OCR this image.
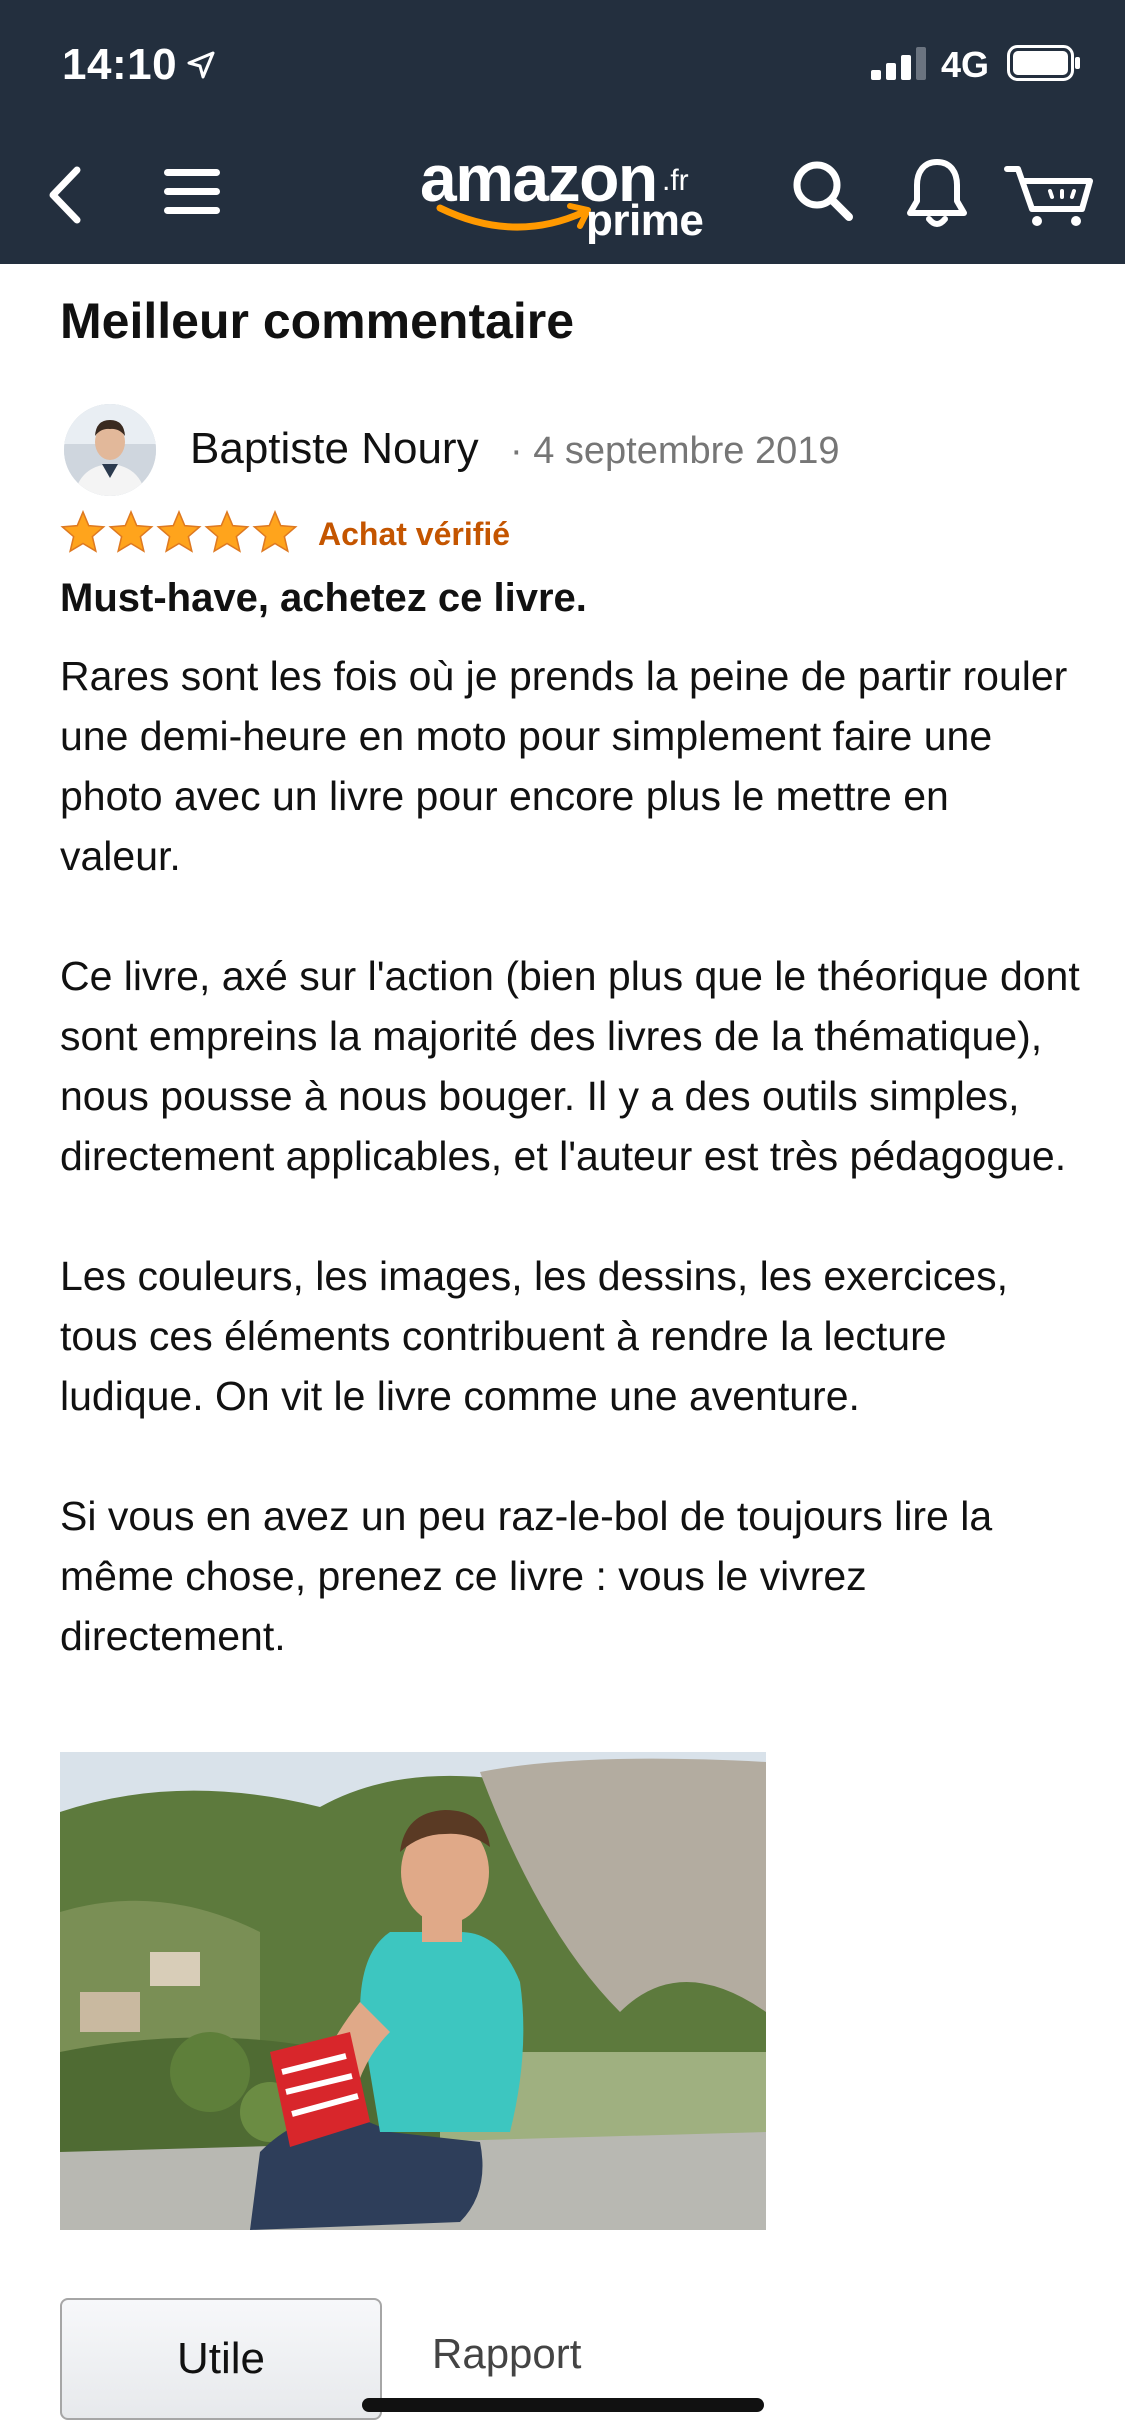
14:10	4G
amazon .fr
prime
Meilleur commentaire
Baptiste Noury · 4 septembre 2019
Achat vérifié
Must-have, achetez ce livre.

Rares sont les fois où je prends la peine de partir rouler une demi-heure en moto pour simplement faire une photo avec un livre pour encore plus le mettre en valeur.

Ce livre, axé sur l'action (bien plus que le théorique dont sont empreins la majorité des livres de la thématique), nous pousse à nous bouger. Il y a des outils simples, directement applicables, et l'auteur est très pédagogue.

Les couleurs, les images, les dessins, les exercices, tous ces éléments contribuent à rendre la lecture ludique. On vit le livre comme une aventure.

Si vous en avez un peu raz-le-bol de toujours lire la même chose, prenez ce livre : vous le vivrez directement.

Utile	Rapport
